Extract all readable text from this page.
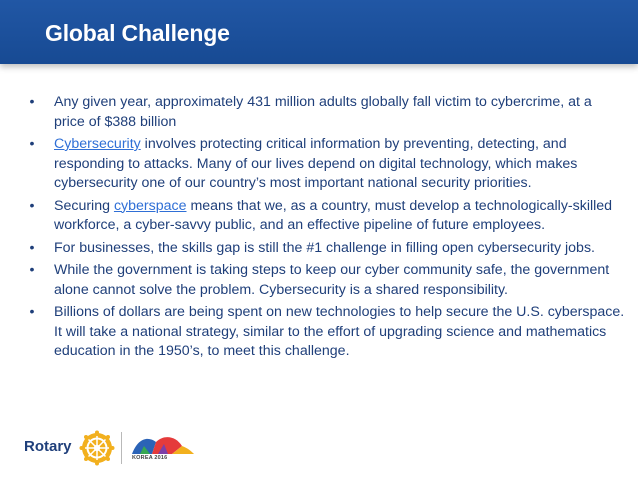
Global Challenge
• Any given year, approximately 431 million adults globally fall victim to cybercrime, at a price of $388 billion
• Cybersecurity involves protecting critical information by preventing, detecting, and responding to attacks. Many of our lives depend on digital technology, which makes cybersecurity one of our country’s most important national security priorities.
• Securing cyberspace means that we, as a country, must develop a technologically-skilled workforce, a cyber-savvy public, and an effective pipeline of future employees.
• For businesses, the skills gap is still the #1 challenge in filling open cybersecurity jobs.
• While the government is taking steps to keep our cyber community safe, the government alone cannot solve the problem. Cybersecurity is a shared responsibility.
• Billions of dollars are being spent on new technologies to help secure the U.S. cyberspace. It will take a national strategy, similar to the effort of upgrading science and mathematics education in the 1950’s, to meet this challenge.
Rotary
KOREA 2016
